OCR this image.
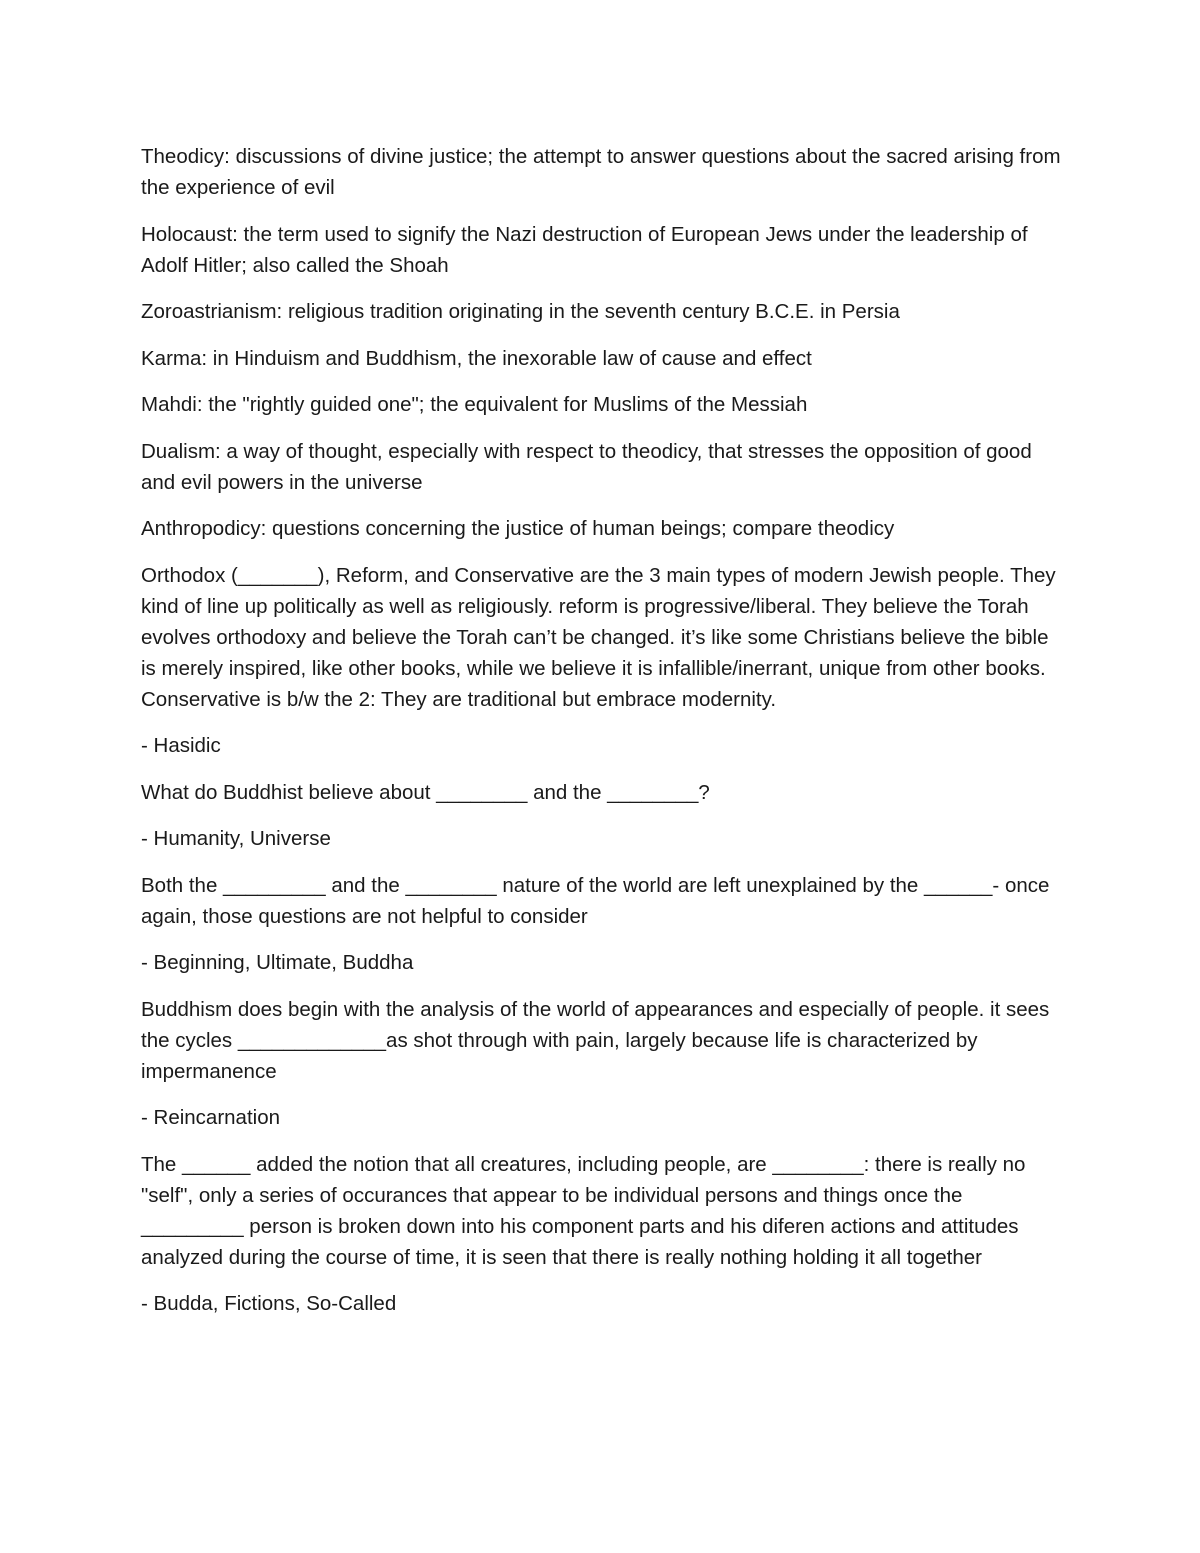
Theodicy: discussions of divine justice; the attempt to answer questions about the sacred arising from the experience of evil

Holocaust: the term used to signify the Nazi destruction of European Jews under the leadership of Adolf Hitler; also called the Shoah

Zoroastrianism: religious tradition originating in the seventh century B.C.E. in Persia

Karma: in Hinduism and Buddhism, the inexorable law of cause and effect

Mahdi: the "rightly guided one"; the equivalent for Muslims of the Messiah

Dualism: a way of thought, especially with respect to theodicy, that stresses the opposition of good and evil powers in the universe

Anthropodicy: questions concerning the justice of human beings; compare theodicy

Orthodox (_______), Reform, and Conservative are the 3 main types of modern Jewish people. They kind of line up politically as well as religiously. reform is progressive/liberal. They believe the Torah evolves orthodoxy and believe the Torah can’t be changed. it’s like some Christians believe the bible is merely inspired, like other books, while we believe it is infallible/inerrant, unique from other books. Conservative is b/w the 2: They are traditional but embrace modernity.

- Hasidic

What do Buddhist believe about ________ and the ________?

- Humanity, Universe

Both the _________ and the ________ nature of the world are left unexplained by the ______- once again, those questions are not helpful to consider

- Beginning, Ultimate, Buddha

Buddhism does begin with the analysis of the world of appearances and especially of people. it sees the cycles _____________as shot through with pain, largely because life is characterized by impermanence

- Reincarnation

The ______ added the notion that all creatures, including people, are ________: there is really no "self", only a series of occurances that appear to be individual persons and things once the _________ person is broken down into his component parts and his diferen actions and attitudes analyzed during the course of time, it is seen that there is really nothing holding it all together

- Budda, Fictions, So-Called
